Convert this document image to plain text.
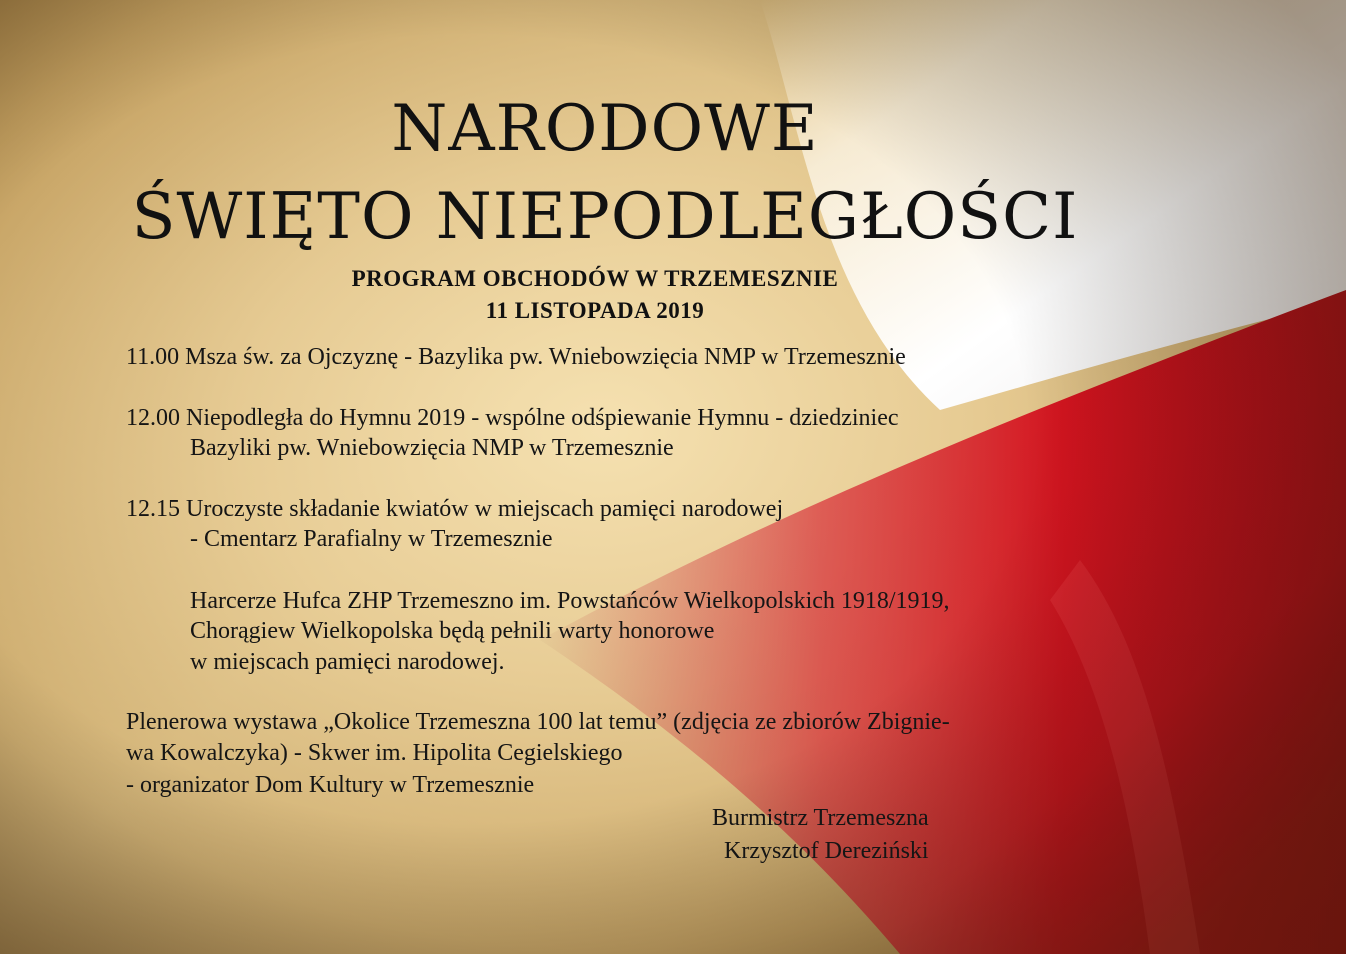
NARODOWE
ŚWIĘTO NIEPODLEGŁOŚCI
PROGRAM OBCHODÓW W TRZEMESZNIE
11 LISTOPADA 2019
11.00 Msza św. za Ojczyznę - Bazylika pw. Wniebowzięcia NMP w Trzemesznie
12.00 Niepodległa do Hymnu 2019 - wspólne odśpiewanie Hymnu - dziedziniec
Bazyliki pw. Wniebowzięcia NMP w Trzemesznie
12.15 Uroczyste składanie kwiatów w miejscach pamięci narodowej
- Cmentarz Parafialny w Trzemesznie
Harcerze Hufca ZHP Trzemeszno im. Powstańców Wielkopolskich 1918/1919,
Chorągiew Wielkopolska będą pełnili warty honorowe
w miejscach pamięci narodowej.
Plenerowa wystawa „Okolice Trzemeszna 100 lat temu” (zdjęcia ze zbiorów Zbignie-
wa Kowalczyka) - Skwer im. Hipolita Cegielskiego
- organizator Dom Kultury w Trzemesznie
Burmistrz Trzemeszna
Krzysztof Dereziński
